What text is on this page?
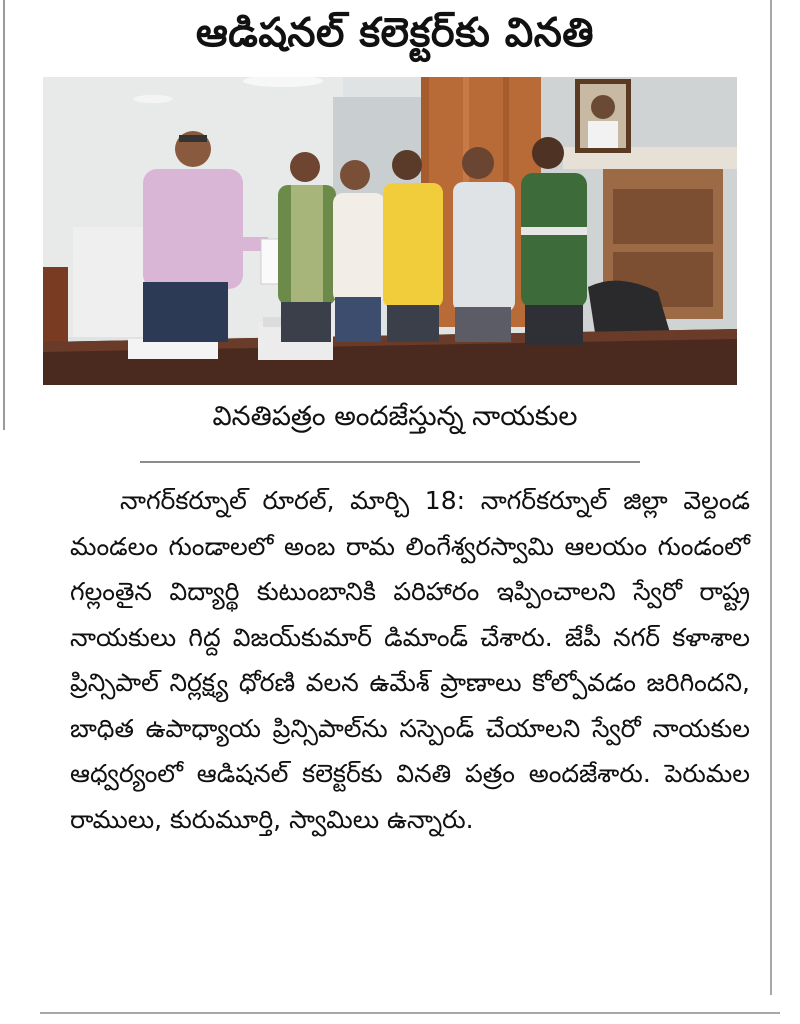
ఆడిషనల్ కలెక్టర్‌కు వినతి
వినతిపత్రం అందజేస్తున్న నాయకుల

నాగర్‌కర్నూల్ రూరల్, మార్చి 18: నాగర్‌కర్నూల్ జిల్లా వెల్దండ మండలం గుండాలలో అంబ రామ లింగేశ్వరస్వామి ఆలయం గుండంలో గల్లంతైన విద్యార్థి కుటుంబానికి పరిహారం ఇప్పించాలని స్వేరో రాష్ట్ర నాయకులు గిద్ద విజయ్‌కుమార్ డిమాండ్ చేశారు. జేపీ నగర్ కళాశాల ప్రిన్సిపాల్ నిర్లక్ష్య ధోరణి వలన ఉమేశ్ ప్రాణాలు కోల్పోవడం జరిగిందని, బాధిత ఉపాధ్యాయ ప్రిన్సిపాల్‌ను సస్పెండ్ చేయాలని స్వేరో నాయకుల ఆధ్వర్యంలో ఆడిషనల్ కలెక్టర్‌కు వినతి పత్రం అందజేశారు. పెరుమల రాములు, కురుమూర్తి, స్వామిలు ఉన్నారు.
